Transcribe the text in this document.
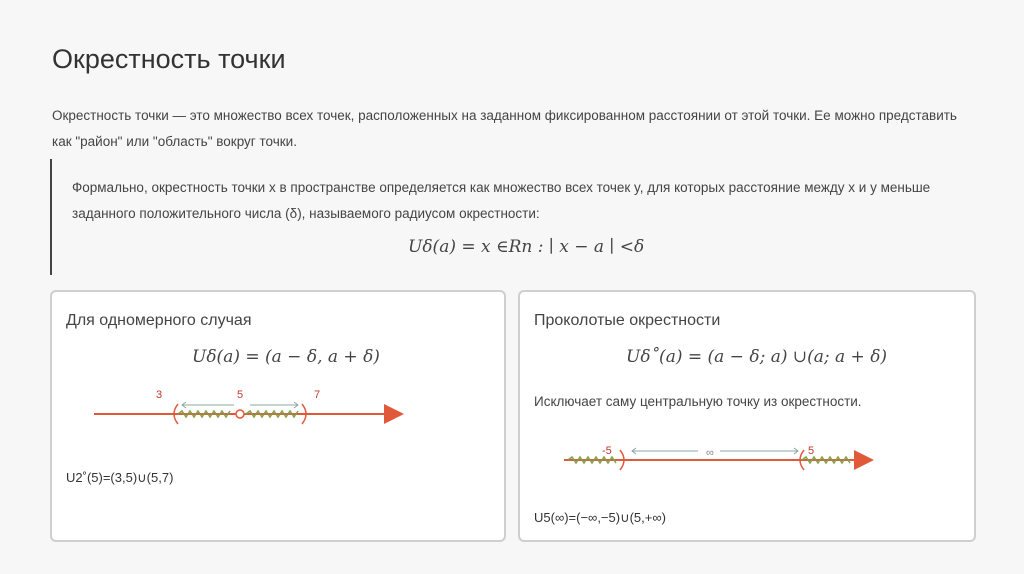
Окрестность точки

Окрестность точки — это множество всех точек, расположенных на заданном фиксированном расстоянии от этой точки. Ее можно представить как "район" или "область" вокруг точки.

Формально, окрестность точки x в пространстве определяется как множество всех точек y, для которых расстояние между x и y меньше заданного положительного числа (δ), называемого радиусом окрестности:

Uδ(a) = x ∈Rn : ∣ x − a ∣ <δ
Для одномерного случая
Uδ(a) = (a − δ, a + δ)
3	5	7

U2˚(5)=(3,5)∪(5,7)

Проколотые окрестности
Uδ˚(a) = (a − δ; a) ∪(a; a + δ)

Исключает саму центральную точку из окрестности.

-5	∞	5

U5(∞)=(−∞,−5)∪(5,+∞)
